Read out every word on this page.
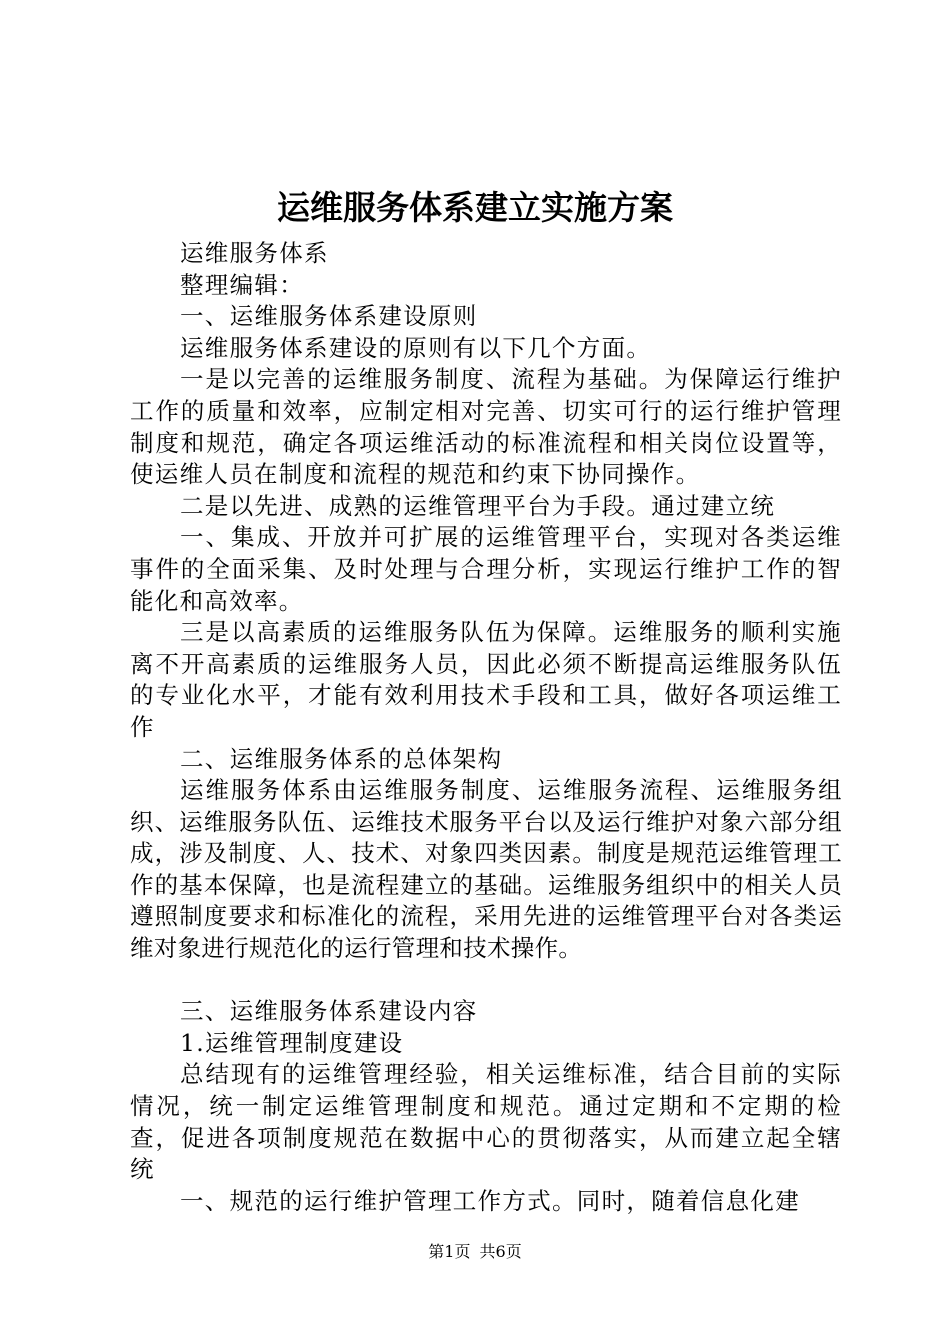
运维服务体系建立实施方案

运维服务体系

整理编辑：

一、运维服务体系建设原则

运维服务体系建设的原则有以下几个方面。

一是以完善的运维服务制度、流程为基础。为保障运行维护工作的质量和效率，应制定相对完善、切实可行的运行维护管理制度和规范，确定各项运维活动的标准流程和相关岗位设置等，使运维人员在制度和流程的规范和约束下协同操作。

二是以先进、成熟的运维管理平台为手段。通过建立统

一、集成、开放并可扩展的运维管理平台，实现对各类运维事件的全面采集、及时处理与合理分析，实现运行维护工作的智能化和高效率。

三是以高素质的运维服务队伍为保障。运维服务的顺利实施离不开高素质的运维服务人员，因此必须不断提高运维服务队伍的专业化水平，才能有效利用技术手段和工具，做好各项运维工作

二、运维服务体系的总体架构

运维服务体系由运维服务制度、运维服务流程、运维服务组织、运维服务队伍、运维技术服务平台以及运行维护对象六部分组成，涉及制度、人、技术、对象四类因素。制度是规范运维管理工作的基本保障，也是流程建立的基础。运维服务组织中的相关人员遵照制度要求和标准化的流程，采用先进的运维管理平台对各类运维对象进行规范化的运行管理和技术操作。

三、运维服务体系建设内容

1.运维管理制度建设

总结现有的运维管理经验，相关运维标准，结合目前的实际情况，统一制定运维管理制度和规范。通过定期和不定期的检查，促进各项制度规范在数据中心的贯彻落实，从而建立起全辖统

一、规范的运行维护管理工作方式。同时，随着信息化建

第1页 共6页
